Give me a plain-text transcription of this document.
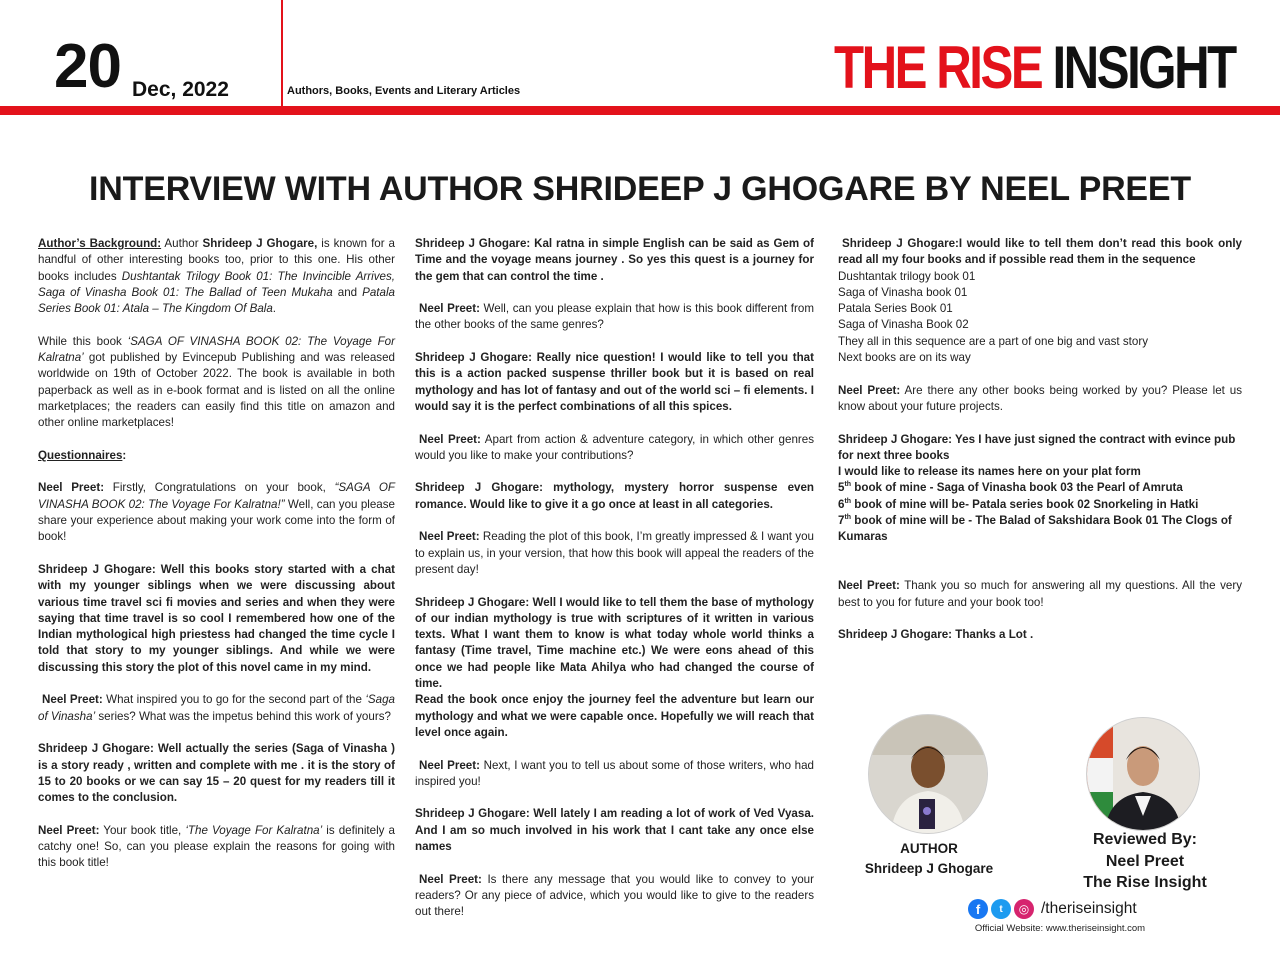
20 Dec, 2022	Authors, Books, Events and Literary Articles	THE RISE INSIGHT
INTERVIEW WITH AUTHOR SHRIDEEP J GHOGARE BY NEEL PREET

Author’s Background: Author Shrideep J Ghogare, is known for a handful of other interesting books too, prior to this one. His other books includes Dushtantak Trilogy Book 01: The Invincible Arrives, Saga of Vinasha Book 01: The Ballad of Teen Mukaha and Patala Series Book 01: Atala – The Kingdom Of Bala.

While this book ‘SAGA OF VINASHA BOOK 02: The Voyage For Kalratna’ got published by Evincepub Publishing and was released worldwide on 19th of October 2022. The book is available in both paperback as well as in e-book format and is listed on all the online marketplaces; the readers can easily find this title on amazon and other online marketplaces!

Questionnaires:

Neel Preet: Firstly, Congratulations on your book, “SAGA OF VINASHA BOOK 02: The Voyage For Kalratna!” Well, can you please share your experience about making your work come into the form of book!

Shrideep J Ghogare: Well this books story started with a chat with my younger siblings when we were discussing about various time travel sci fi movies and series and when they were saying that time travel is so cool I remembered how one of the Indian mythological high priestess had changed the time cycle I told that story to my younger siblings. And while we were discussing this story the plot of this novel came in my mind.

Neel Preet: What inspired you to go for the second part of the ‘Saga of Vinasha’ series? What was the impetus behind this work of yours?

Shrideep J Ghogare: Well actually the series (Saga of Vinasha ) is a story ready , written and complete with me . it is the story of 15 to 20 books or we can say 15 – 20 quest for my readers till it comes to the conclusion.

Neel Preet: Your book title, ‘The Voyage For Kalratna’ is definitely a catchy one! So, can you please explain the reasons for going with this book title!

Shrideep J Ghogare: Kal ratna in simple English can be said as Gem of Time and the voyage means journey . So yes this quest is a journey for the gem that can control the time .

Neel Preet: Well, can you please explain that how is this book different from the other books of the same genres?

Shrideep J Ghogare: Really nice question! I would like to tell you that this is a action packed suspense thriller book but it is based on real mythology and has lot of fantasy and out of the world sci – fi elements. I would say it is the perfect combinations of all this spices.

Neel Preet: Apart from action & adventure category, in which other genres would you like to make your contributions?

Shrideep J Ghogare: mythology, mystery horror suspense even romance. Would like to give it a go once at least in all categories.

Neel Preet: Reading the plot of this book, I’m greatly impressed & I want you to explain us, in your version, that how this book will appeal the readers of the present day!

Shrideep J Ghogare: Well I would like to tell them the base of mythology of our indian mythology is true with scriptures of it written in various texts. What I want them to know is what today whole world thinks a fantasy (Time travel, Time machine etc.) We were eons ahead of this once we had people like Mata Ahilya who had changed the course of time.

Read the book once enjoy the journey feel the adventure but learn our mythology and what we were capable once. Hopefully we will reach that level once again.

Neel Preet: Next, I want you to tell us about some of those writers, who had inspired you!

Shrideep J Ghogare: Well lately I am reading a lot of work of Ved Vyasa. And I am so much involved in his work that I cant take any once else names

Neel Preet: Is there any message that you would like to convey to your readers? Or any piece of advice, which you would like to give to the readers out there!

Shrideep J Ghogare:I would like to tell them don’t read this book only read all my four books and if possible read them in the sequence

Dushtantak trilogy book 01
Saga of Vinasha book 01
Patala Series Book 01
Saga of Vinasha Book 02
They all in this sequence are a part of one big and vast story
Next books are on its way

Neel Preet: Are there any other books being worked by you? Please let us know about your future projects.

Shrideep J Ghogare: Yes I have just signed the contract with evince pub for next three books
I would like to release its names here on your plat form
5th book of mine - Saga of Vinasha book 03 the Pearl of Amruta
6th book of mine will be- Patala series book 02 Snorkeling in Hatki
7th book of mine will be - The Balad of Sakshidara Book 01 The Clogs of Kumaras

Neel Preet: Thank you so much for answering all my questions. All the very best to you for future and your book too!

Shrideep J Ghogare: Thanks a Lot .

AUTHOR
Shrideep J Ghogare
Reviewed By:
Neel Preet
The Rise Insight
f	t	◎ /theriseinsight
Official Website: www.theriseinsight.com
